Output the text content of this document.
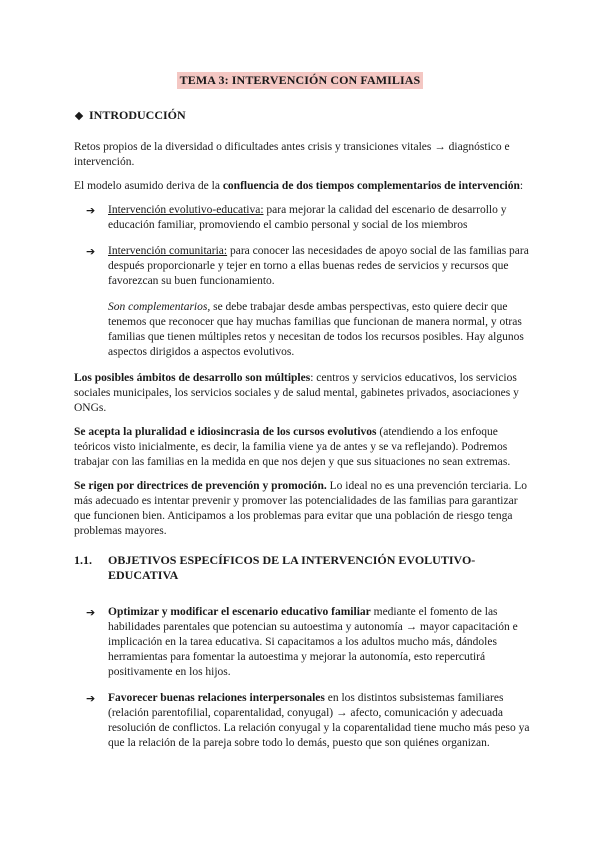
TEMA 3: INTERVENCIÓN CON FAMILIAS
INTRODUCCIÓN

Retos propios de la diversidad o dificultades antes crisis y transiciones vitales → diagnóstico e intervención.

El modelo asumido deriva de la confluencia de dos tiempos complementarios de intervención:

➔ Intervención evolutivo-educativa: para mejorar la calidad del escenario de desarrollo y educación familiar, promoviendo el cambio personal y social de los miembros
➔ Intervención comunitaria: para conocer las necesidades de apoyo social de las familias para después proporcionarle y tejer en torno a ellas buenas redes de servicios y recursos que favorezcan su buen funcionamiento.
Son complementarios, se debe trabajar desde ambas perspectivas, esto quiere decir que tenemos que reconocer que hay muchas familias que funcionan de manera normal, y otras familias que tienen múltiples retos y necesitan de todos los recursos posibles. Hay algunos aspectos dirigidos a aspectos evolutivos.

Los posibles ámbitos de desarrollo son múltiples: centros y servicios educativos, los servicios sociales municipales, los servicios sociales y de salud mental, gabinetes privados, asociaciones y ONGs.

Se acepta la pluralidad e idiosincrasia de los cursos evolutivos (atendiendo a los enfoque teóricos visto inicialmente, es decir, la familia viene ya de antes y se va reflejando). Podremos trabajar con las familias en la medida en que nos dejen y que sus situaciones no sean extremas.

Se rigen por directrices de prevención y promoción. Lo ideal no es una prevención terciaria. Lo más adecuado es intentar prevenir y promover las potencialidades de las familias para garantizar que funcionen bien. Anticipamos a los problemas para evitar que una población de riesgo tenga problemas mayores.

1.1. OBJETIVOS ESPECÍFICOS DE LA INTERVENCIÓN EVOLUTIVO-EDUCATIVA
➔ Optimizar y modificar el escenario educativo familiar mediante el fomento de las habilidades parentales que potencian su autoestima y autonomía → mayor capacitación e implicación en la tarea educativa. Si capacitamos a los adultos mucho más, dándoles herramientas para fomentar la autoestima y mejorar la autonomía, esto repercutirá positivamente en los hijos.
➔ Favorecer buenas relaciones interpersonales en los distintos subsistemas familiares (relación parentofilial, coparentalidad, conyugal) → afecto, comunicación y adecuada resolución de conflictos. La relación conyugal y la coparentalidad tiene mucho más peso ya que la relación de la pareja sobre todo lo demás, puesto que son quiénes organizan.
